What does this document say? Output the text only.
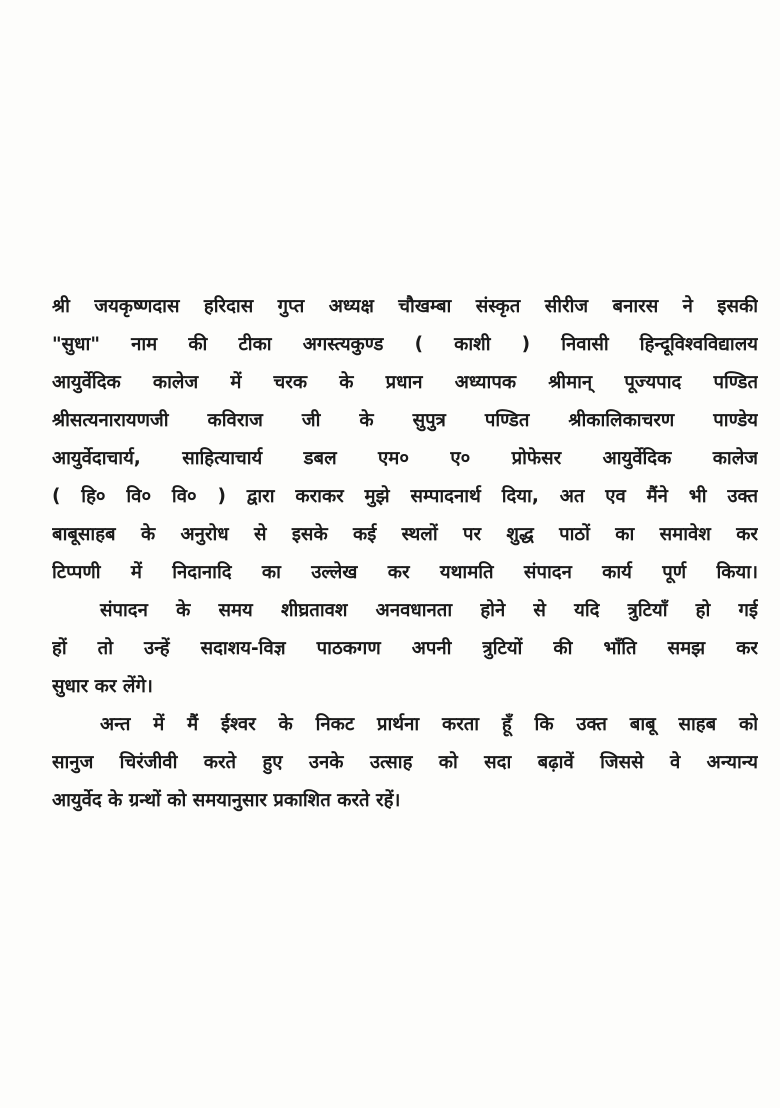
श्री जयकृष्णदास हरिदास गुप्त अध्यक्ष चौखम्बा संस्कृत सीरीज बनारस ने इसकी
"सुधा" नाम की टीका अगस्त्यकुण्ड ( काशी ) निवासी हिन्दूविश्वविद्यालय
आयुर्वेदिक कालेज में चरक के प्रधान अध्यापक श्रीमान् पूज्यपाद पण्डित
श्रीसत्यनारायणजी कविराज जी के सुपुत्र पण्डित श्रीकालिकाचरण पाण्डेय
आयुर्वेदाचार्य, साहित्याचार्य डबल एम० ए० प्रोफेसर आयुर्वेदिक कालेज
( हि० वि० वि० ) द्वारा कराकर मुझे सम्पादनार्थ दिया, अत एव मैंने भी उक्त
बाबूसाहब के अनुरोध से इसके कई स्थलों पर शुद्ध पाठों का समावेश कर
टिप्पणी में निदानादि का उल्लेख कर यथामति संपादन कार्य पूर्ण किया।
संपादन के समय शीघ्रतावश अनवधानता होने से यदि त्रुटियाँ हो गई
हों तो उन्हें सदाशय-विज्ञ पाठकगण अपनी त्रुटियों की भाँति समझ कर
सुधार कर लेंगे।
अन्त में मैं ईश्वर के निकट प्रार्थना करता हूँ कि उक्त बाबू साहब को
सानुज चिरंजीवी करते हुए उनके उत्साह को सदा बढ़ावें जिससे वे अन्यान्य
आयुर्वेद के ग्रन्थों को समयानुसार प्रकाशित करते रहें।
